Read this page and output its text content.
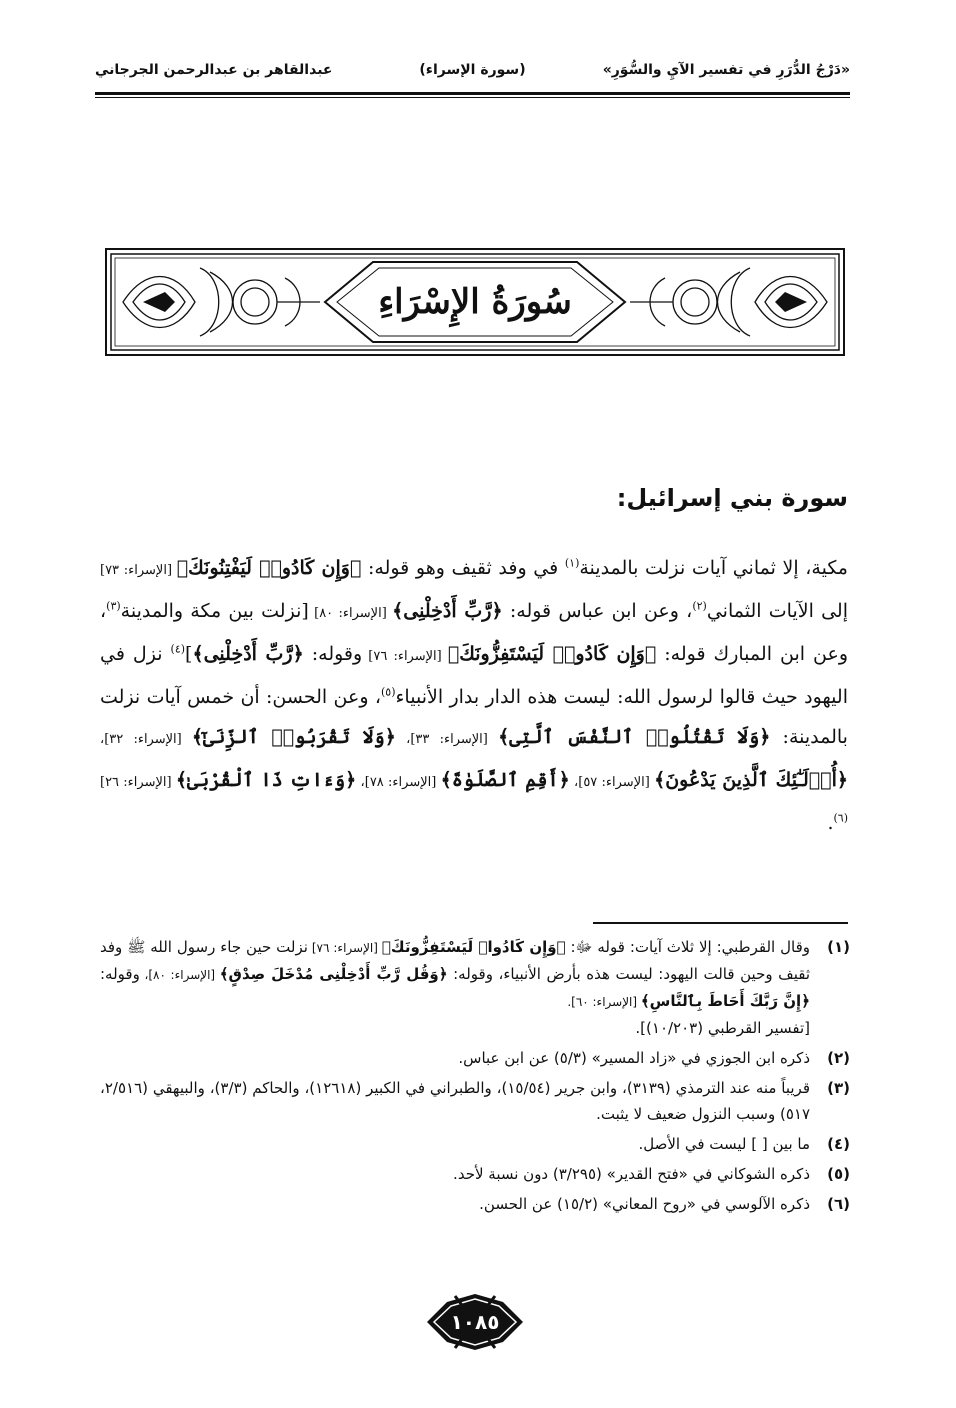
«دَرْجُ الدُّرَرِ في تفسير الآيِ والسُّوَرِ»
(سورة الإسراء)
عبدالقاهر بن عبدالرحمن الجرجاني
سُورَةُ الإِسْرَاءِ
سورة بني إسرائيل:
مكية، إلا ثماني آيات نزلت بالمدينة$^{(١)}$ في وفد ثقيف وهو قوله: ﴿وَإِن كَادُوا۟ لَيَفْتِنُونَكَ﴾ [الإسراء: ٧٣] إلى الآيات الثماني$^{(٢)}$، وعن ابن عباس قوله: ﴿رَّبِّ أَدْخِلْنِى﴾ [الإسراء: ٨٠] [نزلت بين مكة والمدينة$^{(٣)}$، وعن ابن المبارك قوله: ﴿وَإِن كَادُوا۟ لَيَسْتَفِزُّونَكَ﴾ [الإسراء: ٧٦] وقوله: ﴿رَّبِّ أَدْخِلْنِى﴾]$^{(٤)}$ نزل في اليهود حيث قالوا لرسول الله: ليست هذه الدار بدار الأنبياء$^{(٥)}$، وعن الحسن: أن خمس آيات نزلت بالمدينة: ﴿وَلَا تَقْتُلُوا۟ ٱلنَّفْسَ ٱلَّتِى﴾ [الإسراء: ٣٣]، ﴿وَلَا تَقْرَبُوا۟ ٱلزِّنَىٰٓ﴾ [الإسراء: ٣٢]، ﴿أُو۟لَـٰٓئِكَ ٱلَّذِينَ يَدْعُونَ﴾ [الإسراء: ٥٧]، ﴿أَقِمِ ٱلصَّلَوٰةَ﴾ [الإسراء: ٧٨]، ﴿وَءَاتِ ذَا ٱلْقُرْبَىٰ﴾ [الإسراء: ٢٦]$^{(٦)}$.
(١)
وقال القرطبي: إلا ثلاث آيات: قوله ﷻ: ﴿وَإِن كَادُوا۟ لَيَسْتَفِزُّونَكَ﴾ [الإسراء: ٧٦] نزلت حين جاء رسول الله ﷺ وفد ثقيف وحين قالت اليهود: ليست هذه بأرض الأنبياء، وقوله: ﴿وَقُل رَّبِّ أَدْخِلْنِى مُدْخَلَ صِدْقٍ﴾ [الإسراء: ٨٠]، وقوله: ﴿إِنَّ رَبَّكَ أَحَاطَ بِٱلنَّاسِ﴾ [الإسراء: ٦٠].
[تفسير القرطبي (١٠/٢٠٣)].
(٢)
ذكره ابن الجوزي في «زاد المسير» (٥/٣) عن ابن عباس.
(٣)
قريباً منه عند الترمذي (٣١٣٩)، وابن جرير (١٥/٥٤)، والطبراني في الكبير (١٢٦١٨)، والحاكم (٣/٣)، والبيهقي (٢/٥١٦، ٥١٧) وسبب النزول ضعيف لا يثبت.
(٤)
ما بين [ ] ليست في الأصل.
(٥)
ذكره الشوكاني في «فتح القدير» (٣/٢٩٥) دون نسبة لأحد.
(٦)
ذكره الآلوسي في «روح المعاني» (١٥/٢) عن الحسن.
١٠٨٥
